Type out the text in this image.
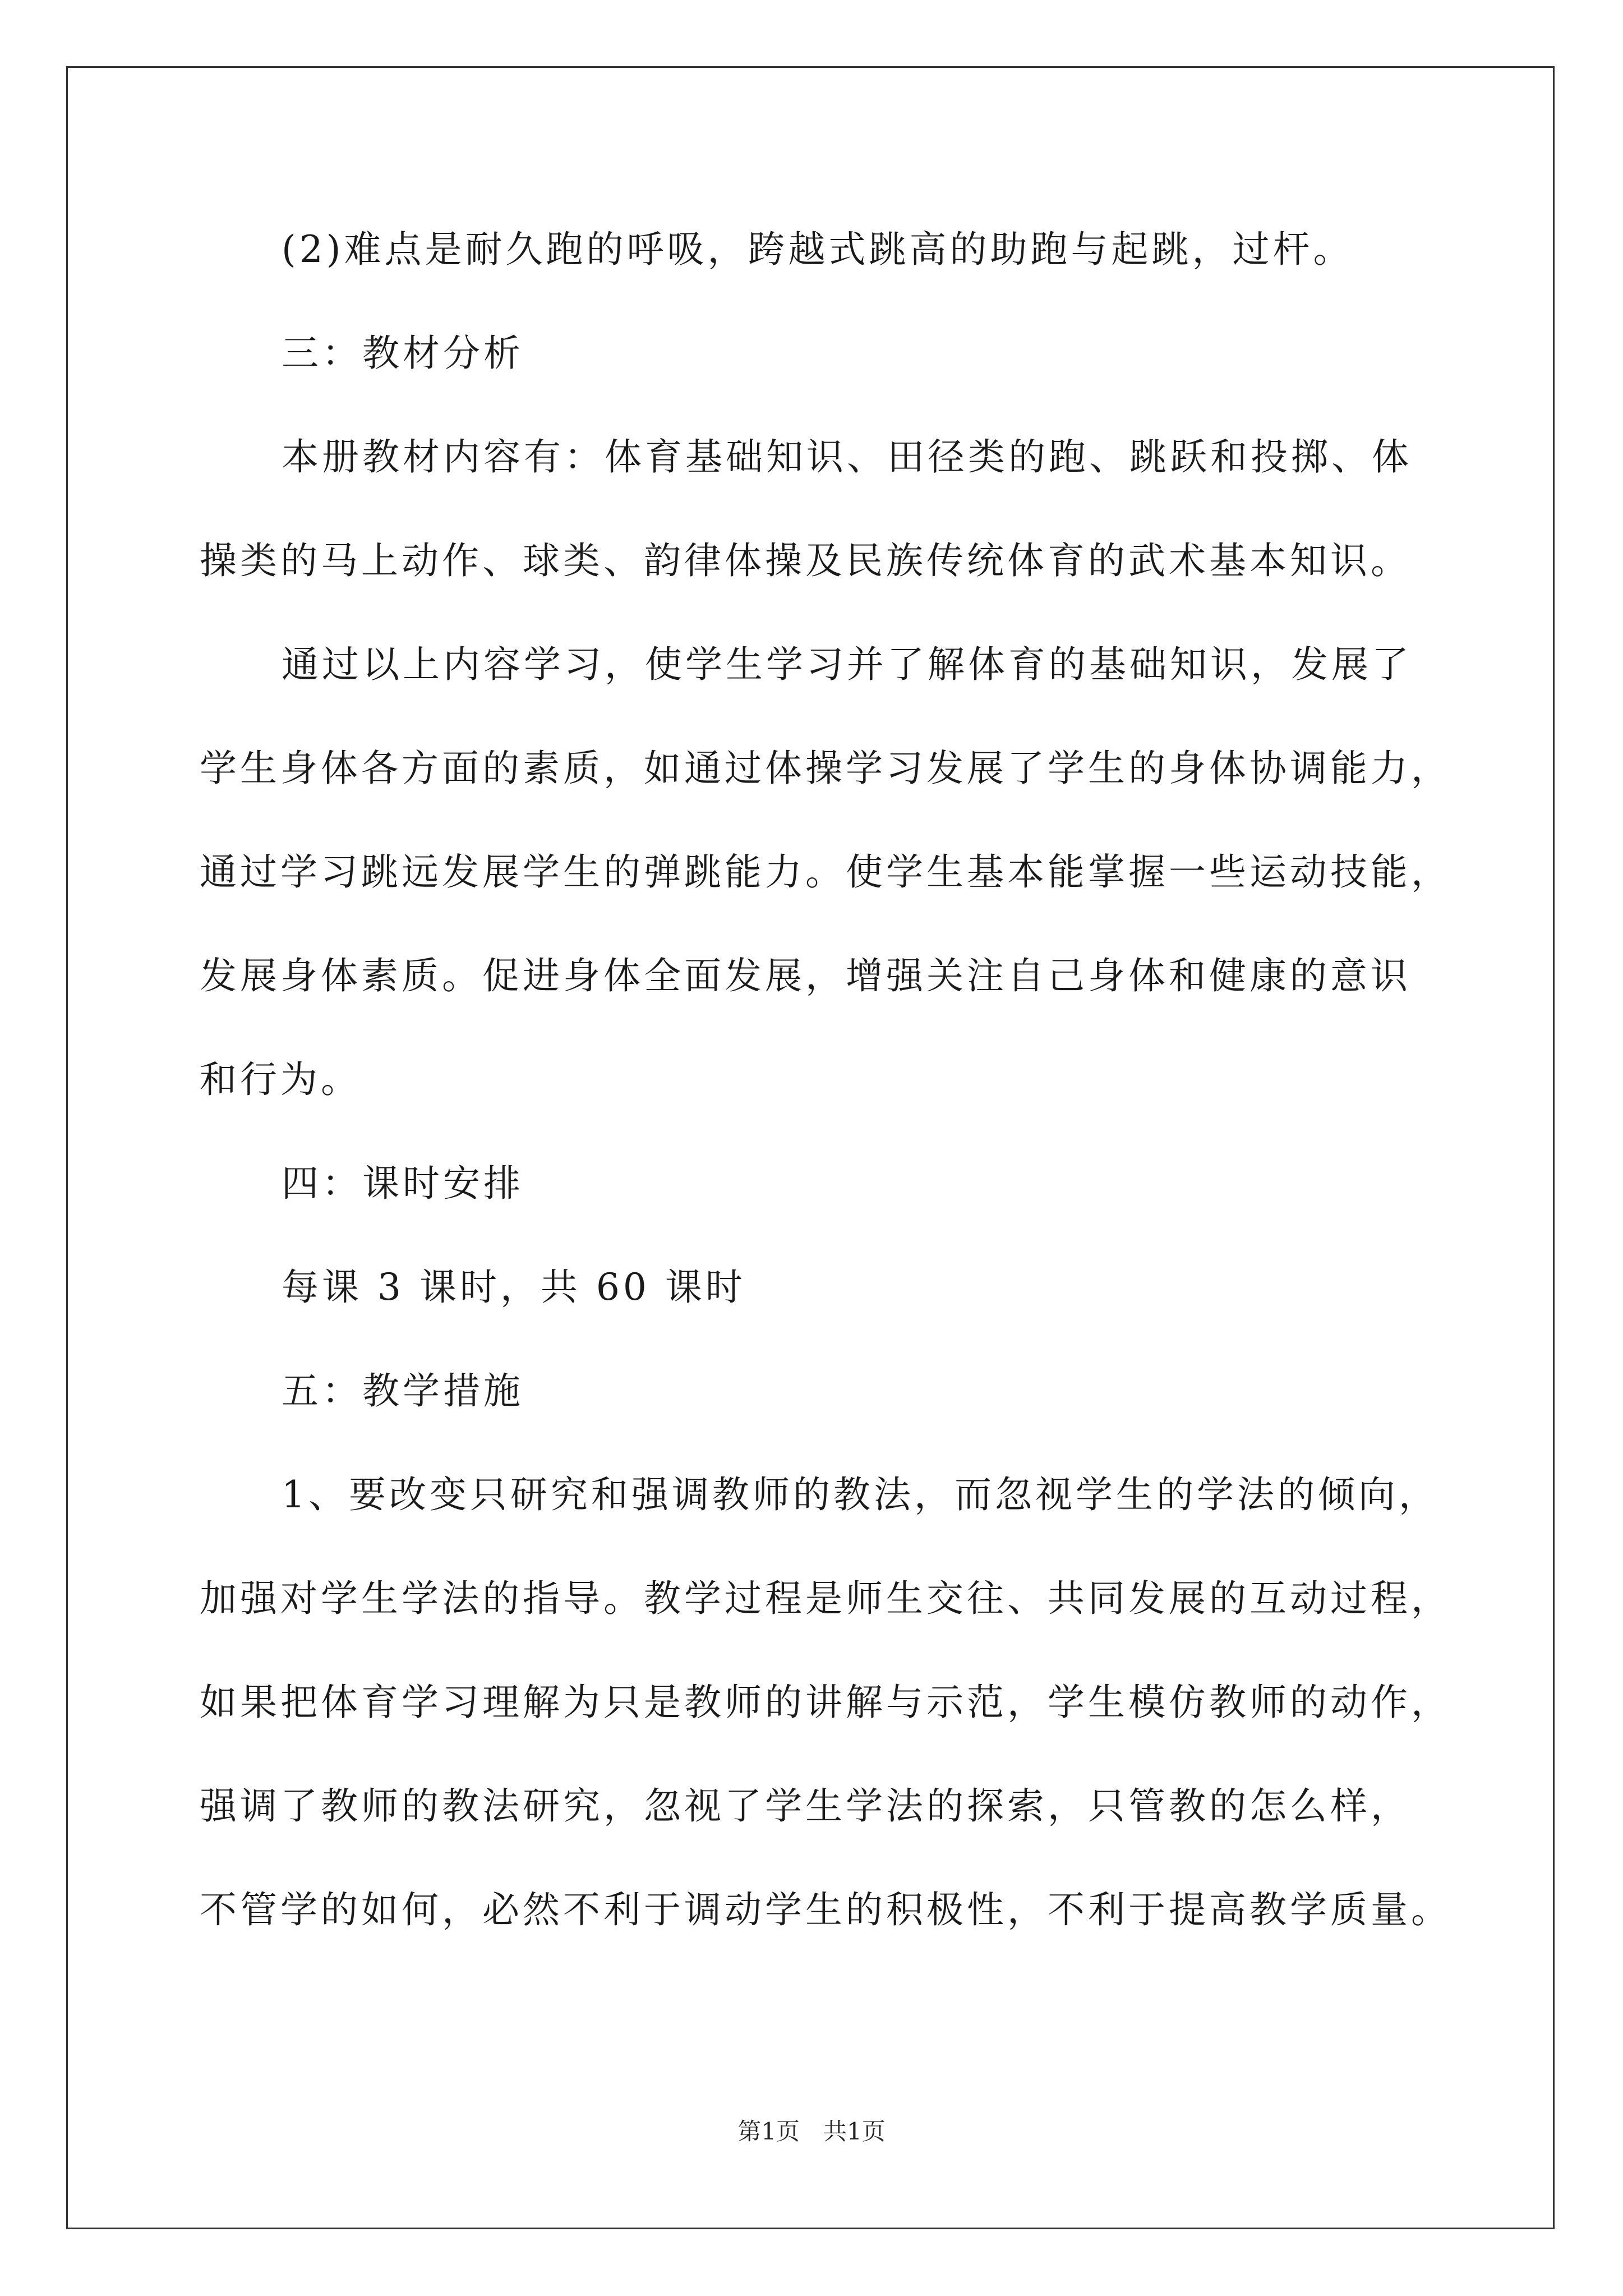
(2)难点是耐久跑的呼吸，跨越式跳高的助跑与起跳，过杆。
三：教材分析
本册教材内容有：体育基础知识、田径类的跑、跳跃和投掷、体
操类的马上动作、球类、韵律体操及民族传统体育的武术基本知识。
通过以上内容学习，使学生学习并了解体育的基础知识，发展了
学生身体各方面的素质，如通过体操学习发展了学生的身体协调能力，
通过学习跳远发展学生的弹跳能力。使学生基本能掌握一些运动技能，
发展身体素质。促进身体全面发展，增强关注自己身体和健康的意识
和行为。
四：课时安排
每课 3 课时，共 60 课时
五：教学措施
1、要改变只研究和强调教师的教法，而忽视学生的学法的倾向，
加强对学生学法的指导。教学过程是师生交往、共同发展的互动过程，
如果把体育学习理解为只是教师的讲解与示范，学生模仿教师的动作，
强调了教师的教法研究，忽视了学生学法的探索，只管教的怎么样，
不管学的如何，必然不利于调动学生的积极性，不利于提高教学质量。
第1页　共1页
